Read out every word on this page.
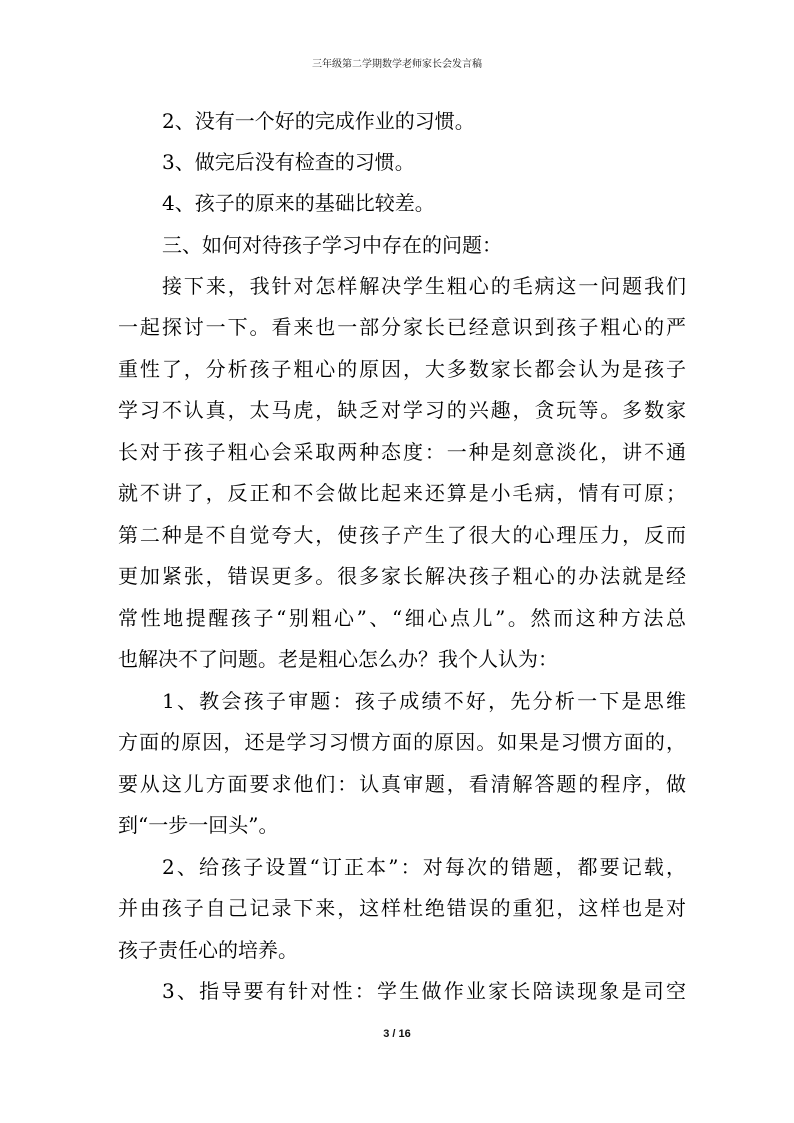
三年级第二学期数学老师家长会发言稿
2、没有一个好的完成作业的习惯。
3、做完后没有检查的习惯。
4、孩子的原来的基础比较差。
三、如何对待孩子学习中存在的问题：
接下来，我针对怎样解决学生粗心的毛病这一问题我们
一起探讨一下。看来也一部分家长已经意识到孩子粗心的严
重性了，分析孩子粗心的原因，大多数家长都会认为是孩子
学习不认真，太马虎，缺乏对学习的兴趣，贪玩等。多数家
长对于孩子粗心会采取两种态度：一种是刻意淡化，讲不通
就不讲了，反正和不会做比起来还算是小毛病，情有可原；
第二种是不自觉夸大，使孩子产生了很大的心理压力，反而
更加紧张，错误更多。很多家长解决孩子粗心的办法就是经
常性地提醒孩子“别粗心”、“细心点儿”。然而这种方法总
也解决不了问题。老是粗心怎么办？我个人认为：
1、教会孩子审题：孩子成绩不好，先分析一下是思维
方面的原因，还是学习习惯方面的原因。如果是习惯方面的，
要从这儿方面要求他们：认真审题，看清解答题的程序，做
到“一步一回头”。
2、给孩子设置“订正本”：对每次的错题，都要记载，
并由孩子自己记录下来，这样杜绝错误的重犯，这样也是对
孩子责任心的培养。
3、指导要有针对性：学生做作业家长陪读现象是司空
3 / 16
